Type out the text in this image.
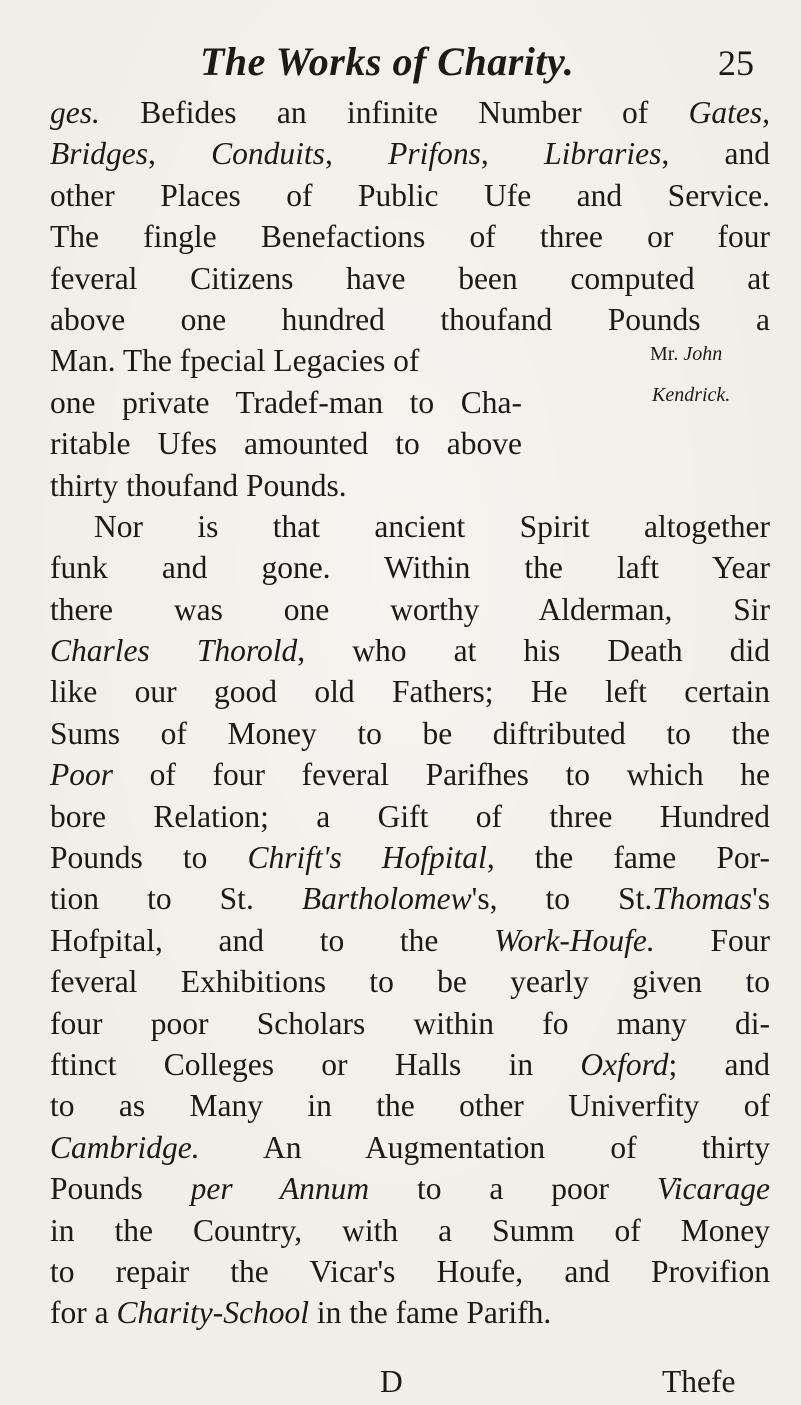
The Works of Charity.	25
ges. Befides an infinite Number of Gates,
Bridges, Conduits, Prifons, Libraries, and
other Places of Public Ufe and Service.
The fingle Benefactions of three or four
feveral Citizens have been computed at
above one hundred thoufand Pounds a
Man. The fpecial Legacies of
one private Tradef-man to Cha-
ritable Ufes amounted to above
thirty thoufand Pounds.
Nor is that ancient Spirit altogether
funk and gone. Within the laft Year
there was one worthy Alderman, Sir
Charles Thorold, who at his Death did
like our good old Fathers; He left certain
Sums of Money to be diftributed to the
Poor of four feveral Parifhes to which he
bore Relation; a Gift of three Hundred
Pounds to Chrift's Hofpital, the fame Por-
tion to St. Bartholomew's, to St.Thomas's
Hofpital, and to the Work-Houfe. Four
feveral Exhibitions to be yearly given to
four poor Scholars within fo many di-
ftinct Colleges or Halls in Oxford; and
to as Many in the other Univerfity of
Cambridge. An Augmentation of thirty
Pounds per Annum to a poor Vicarage
in the Country, with a Summ of Money
to repair the Vicar's Houfe, and Provifion
for a Charity-School in the fame Parifh.
Mr. John
Kendrick.
D	Thefe
